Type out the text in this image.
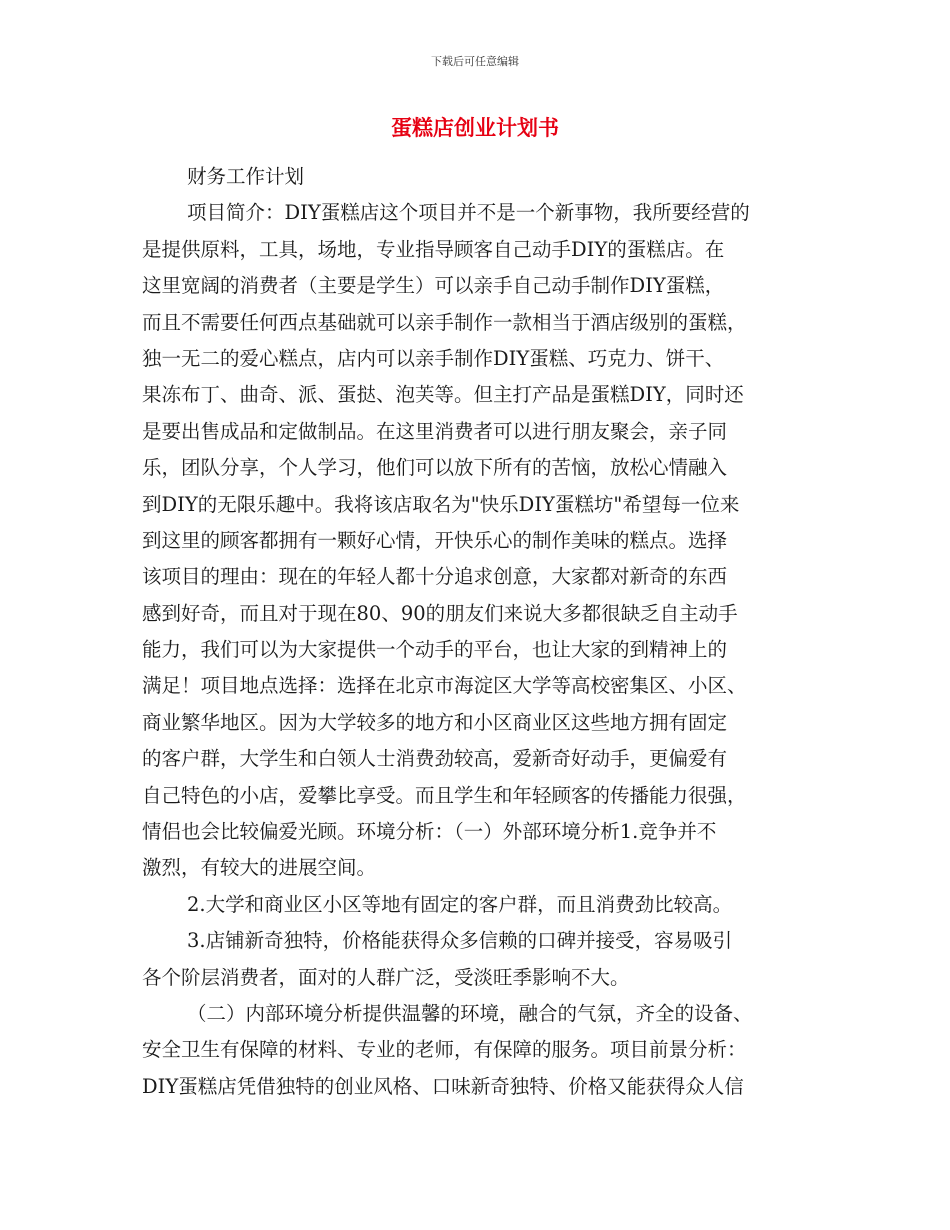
下载后可任意编辑
蛋糕店创业计划书
财务工作计划
项目简介：DIY蛋糕店这个项目并不是一个新事物，我所要经营的
是提供原料，工具，场地，专业指导顾客自己动手DIY的蛋糕店。在
这里宽阔的消费者（主要是学生）可以亲手自己动手制作DIY蛋糕，
而且不需要任何西点基础就可以亲手制作一款相当于酒店级别的蛋糕，
独一无二的爱心糕点，店内可以亲手制作DIY蛋糕、巧克力、饼干、
果冻布丁、曲奇、派、蛋挞、泡芙等。但主打产品是蛋糕DIY，同时还
是要出售成品和定做制品。在这里消费者可以进行朋友聚会，亲子同
乐，团队分享，个人学习，他们可以放下所有的苦恼，放松心情融入
到DIY的无限乐趣中。我将该店取名为"快乐DIY蛋糕坊"希望每一位来
到这里的顾客都拥有一颗好心情，开快乐心的制作美味的糕点。选择
该项目的理由：现在的年轻人都十分追求创意，大家都对新奇的东西
感到好奇，而且对于现在80、90的朋友们来说大多都很缺乏自主动手
能力，我们可以为大家提供一个动手的平台，也让大家的到精神上的
满足！项目地点选择：选择在北京市海淀区大学等高校密集区、小区、
商业繁华地区。因为大学较多的地方和小区商业区这些地方拥有固定
的客户群，大学生和白领人士消费劲较高，爱新奇好动手，更偏爱有
自己特色的小店，爱攀比享受。而且学生和年轻顾客的传播能力很强，
情侣也会比较偏爱光顾。环境分析：（一）外部环境分析1.竞争并不
激烈，有较大的进展空间。
2.大学和商业区小区等地有固定的客户群，而且消费劲比较高。
3.店铺新奇独特，价格能获得众多信赖的口碑并接受，容易吸引
各个阶层消费者，面对的人群广泛，受淡旺季影响不大。
（二）内部环境分析提供温馨的环境，融合的气氛，齐全的设备、
安全卫生有保障的材料、专业的老师，有保障的服务。项目前景分析：
DIY蛋糕店凭借独特的创业风格、口味新奇独特、价格又能获得众人信
